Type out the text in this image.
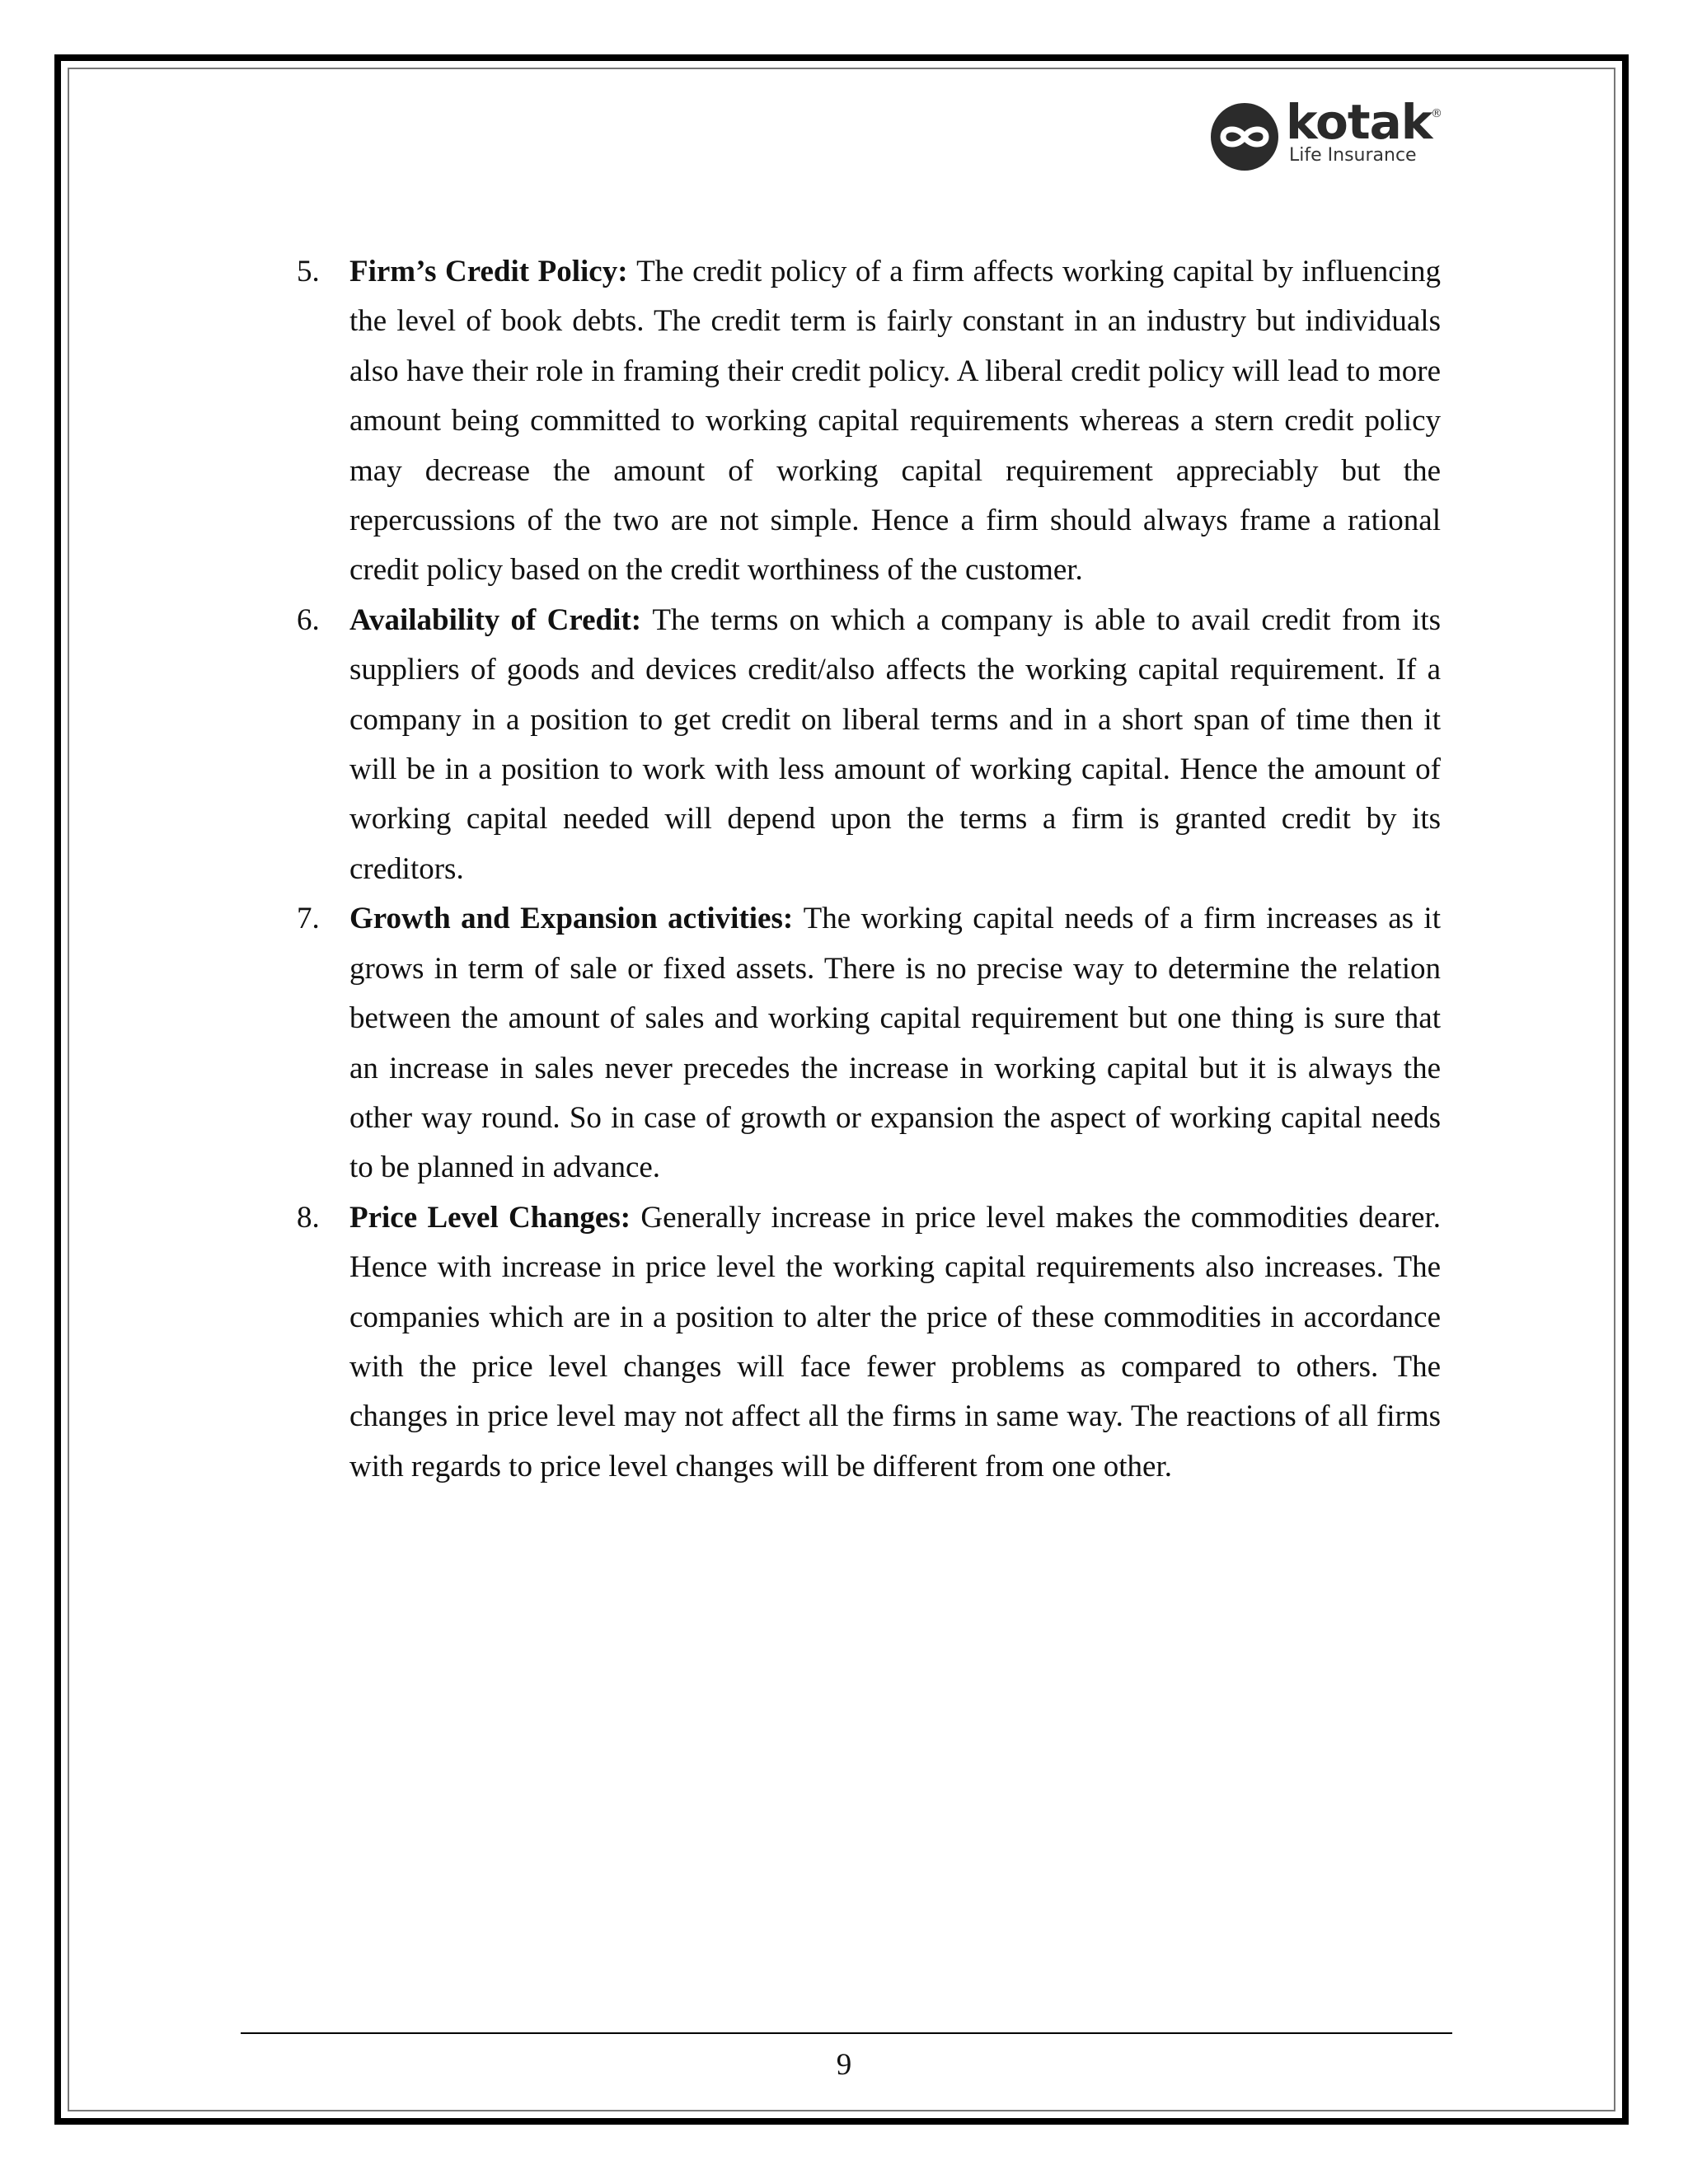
kotak
®
Life Insurance
5. Firm’s Credit Policy: The credit policy of a firm affects working capital by influencing the level of book debts. The credit term is fairly constant in an industry but individuals also have their role in framing their credit policy. A liberal credit policy will lead to more amount being committed to working capital requirements whereas a stern credit policy may decrease the amount of working capital requirement appreciably but the repercussions of the two are not simple. Hence a firm should always frame a rational credit policy based on the credit worthiness of the customer.
6. Availability of Credit: The terms on which a company is able to avail credit from its suppliers of goods and devices credit/also affects the working capital requirement. If a company in a position to get credit on liberal terms and in a short span of time then it will be in a position to work with less amount of working capital. Hence the amount of working capital needed will depend upon the terms a firm is granted credit by its creditors.
7. Growth and Expansion activities: The working capital needs of a firm increases as it grows in term of sale or fixed assets. There is no precise way to determine the relation between the amount of sales and working capital requirement but one thing is sure that an increase in sales never precedes the increase in working capital but it is always the other way round. So in case of growth or expansion the aspect of working capital needs to be planned in advance.
8. Price Level Changes: Generally increase in price level makes the commodities dearer. Hence with increase in price level the working capital requirements also increases. The companies which are in a position to alter the price of these commodities in accordance with the price level changes will face fewer problems as compared to others. The changes in price level may not affect all the firms in same way. The reactions of all firms with regards to price level changes will be different from one other.
9
